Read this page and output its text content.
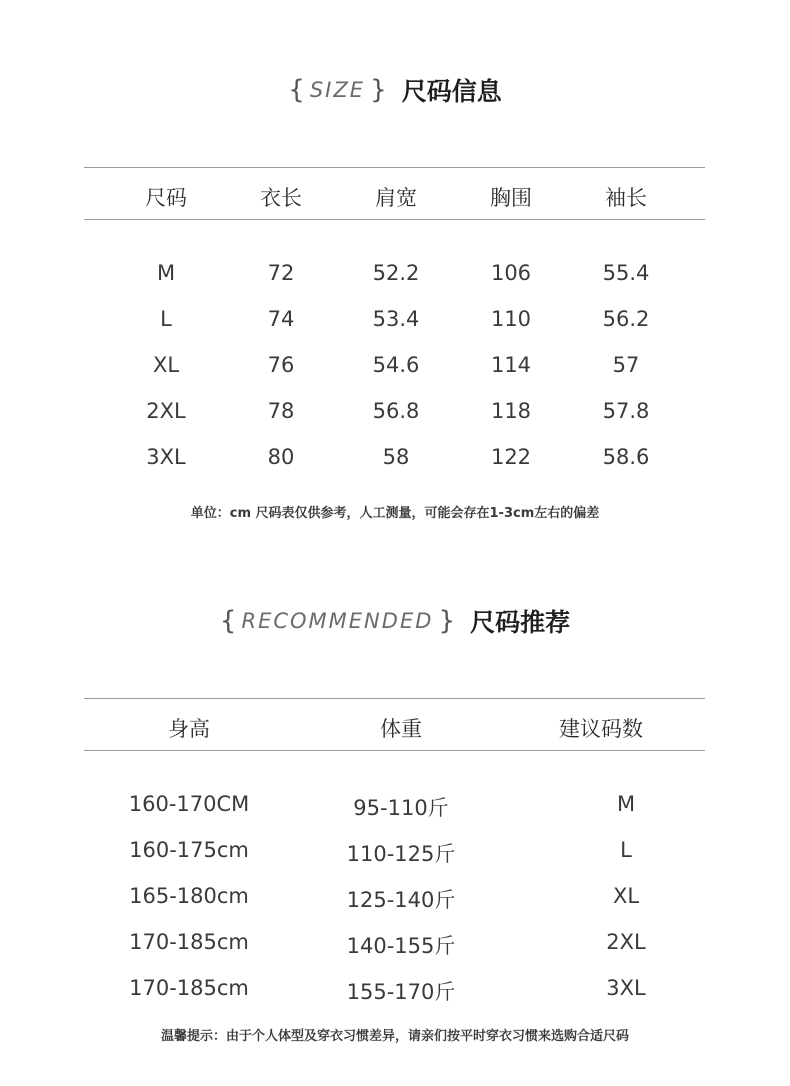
{ SIZE } 尺码信息
尺码	衣长	肩宽	胸围	袖长
M	72	52.2	106	55.4
L	74	53.4	110	56.2
XL	76	54.6	114	57
2XL	78	56.8	118	57.8
3XL	80	58	122	58.6
单位：cm 尺码表仅供参考，人工测量，可能会存在1-3cm左右的偏差
{ RECOMMENDED } 尺码推荐
身高	体重	建议码数
160-170CM	95-110斤	M
160-175cm	110-125斤	L
165-180cm	125-140斤	XL
170-185cm	140-155斤	2XL
170-185cm	155-170斤	3XL
温馨提示：由于个人体型及穿衣习惯差异，请亲们按平时穿衣习惯来选购合适尺码
